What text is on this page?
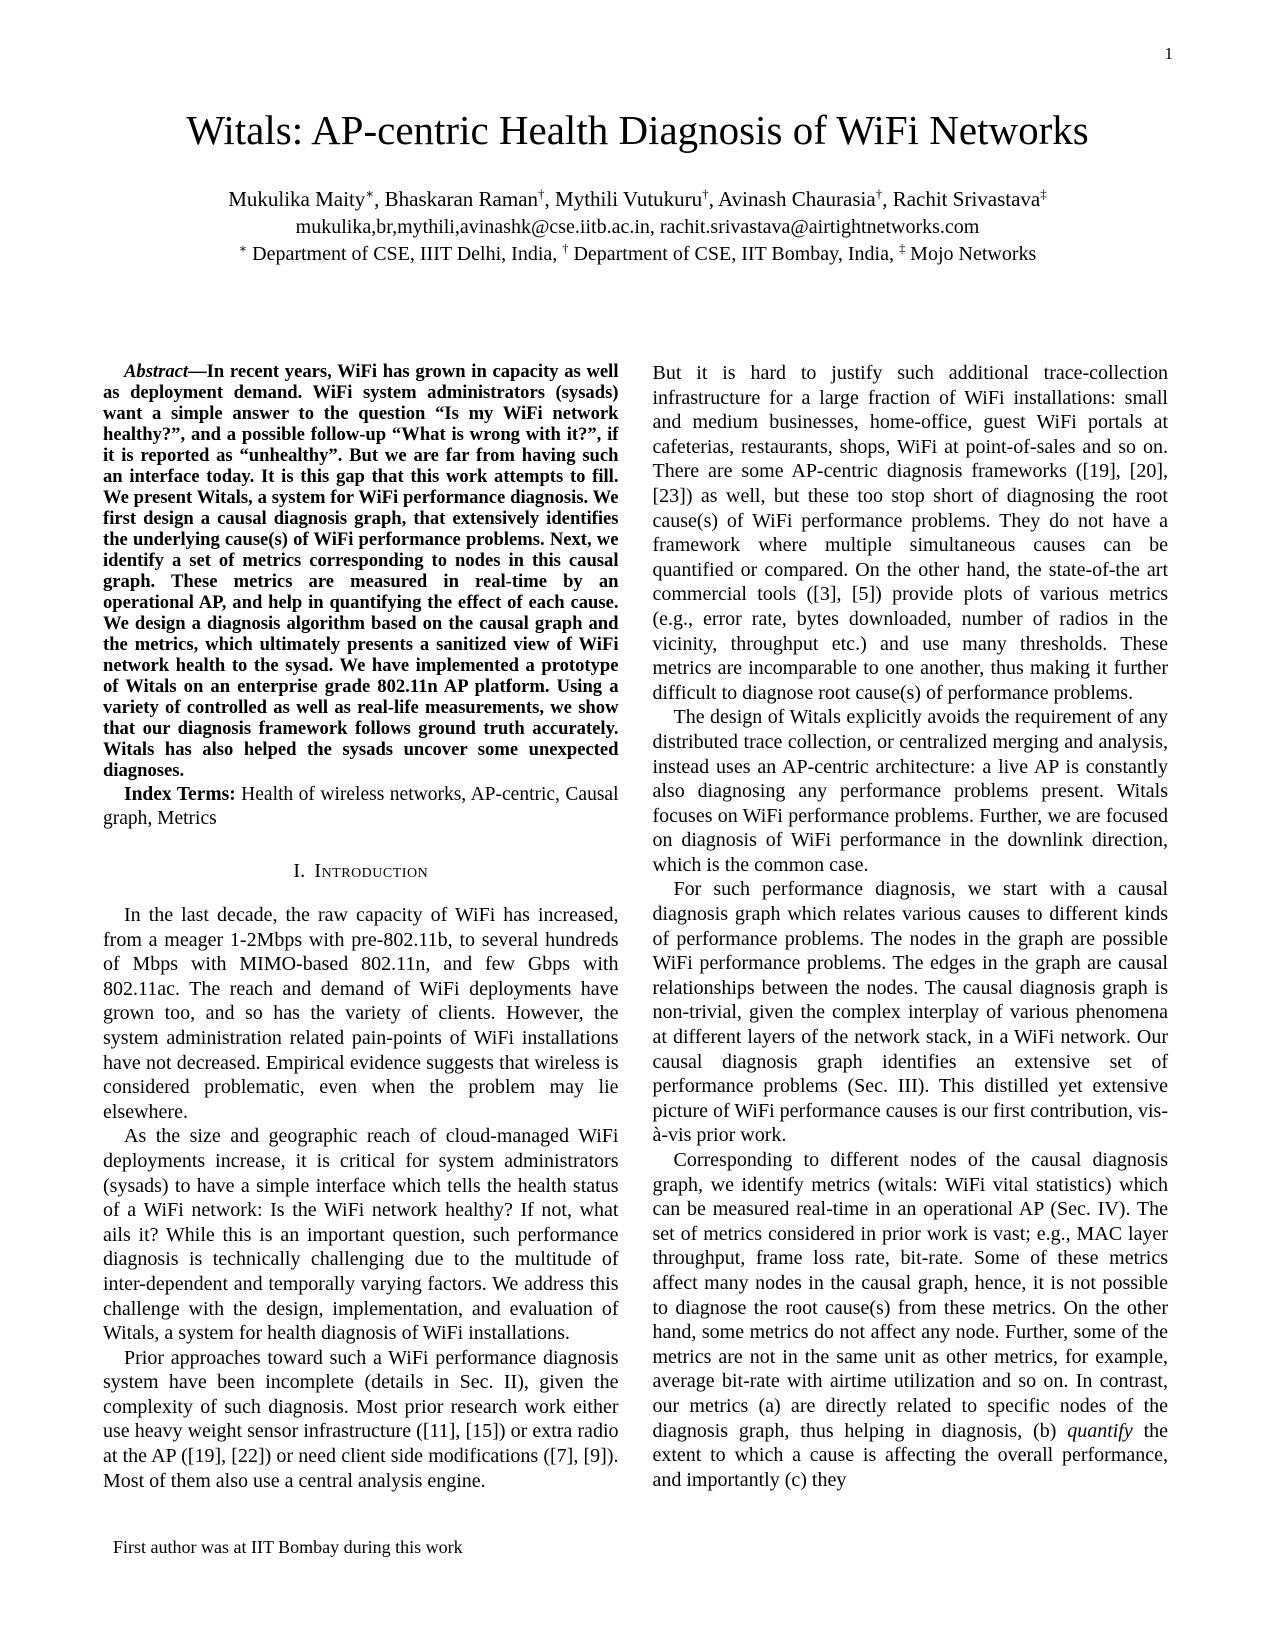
1
Witals: AP-centric Health Diagnosis of WiFi Networks
Mukulika Maity∗, Bhaskaran Raman†, Mythili Vutukuru†, Avinash Chaurasia†, Rachit Srivastava‡
mukulika,br,mythili,avinashk@cse.iitb.ac.in, rachit.srivastava@airtightnetworks.com
∗ Department of CSE, IIIT Delhi, India, † Department of CSE, IIT Bombay, India, ‡ Mojo Networks

Abstract—In recent years, WiFi has grown in capacity as well as deployment demand. WiFi system administrators (sysads) want a simple answer to the question “Is my WiFi network healthy?”, and a possible follow-up “What is wrong with it?”, if it is reported as “unhealthy”. But we are far from having such an interface today. It is this gap that this work attempts to fill. We present Witals, a system for WiFi performance diagnosis. We first design a causal diagnosis graph, that extensively identifies the underlying cause(s) of WiFi performance problems. Next, we identify a set of metrics corresponding to nodes in this causal graph. These metrics are measured in real-time by an operational AP, and help in quantifying the effect of each cause. We design a diagnosis algorithm based on the causal graph and the metrics, which ultimately presents a sanitized view of WiFi network health to the sysad. We have implemented a prototype of Witals on an enterprise grade 802.11n AP platform. Using a variety of controlled as well as real-life measurements, we show that our diagnosis framework follows ground truth accurately. Witals has also helped the sysads uncover some unexpected diagnoses.

Index Terms: Health of wireless networks, AP-centric, Causal graph, Metrics

I. Introduction

In the last decade, the raw capacity of WiFi has increased, from a meager 1-2Mbps with pre-802.11b, to several hundreds of Mbps with MIMO-based 802.11n, and few Gbps with 802.11ac. The reach and demand of WiFi deployments have grown too, and so has the variety of clients. However, the system administration related pain-points of WiFi installations have not decreased. Empirical evidence suggests that wireless is considered problematic, even when the problem may lie elsewhere.

As the size and geographic reach of cloud-managed WiFi deployments increase, it is critical for system administrators (sysads) to have a simple interface which tells the health status of a WiFi network: Is the WiFi network healthy? If not, what ails it? While this is an important question, such performance diagnosis is technically challenging due to the multitude of inter-dependent and temporally varying factors. We address this challenge with the design, implementation, and evaluation of Witals, a system for health diagnosis of WiFi installations.

Prior approaches toward such a WiFi performance diagnosis system have been incomplete (details in Sec. II), given the complexity of such diagnosis. Most prior research work either use heavy weight sensor infrastructure ([11], [15]) or extra radio at the AP ([19], [22]) or need client side modifications ([7], [9]). Most of them also use a central analysis engine.

But it is hard to justify such additional trace-collection infrastructure for a large fraction of WiFi installations: small and medium businesses, home-office, guest WiFi portals at cafeterias, restaurants, shops, WiFi at point-of-sales and so on. There are some AP-centric diagnosis frameworks ([19], [20], [23]) as well, but these too stop short of diagnosing the root cause(s) of WiFi performance problems. They do not have a framework where multiple simultaneous causes can be quantified or compared. On the other hand, the state-of-the art commercial tools ([3], [5]) provide plots of various metrics (e.g., error rate, bytes downloaded, number of radios in the vicinity, throughput etc.) and use many thresholds. These metrics are incomparable to one another, thus making it further difficult to diagnose root cause(s) of performance problems.

The design of Witals explicitly avoids the requirement of any distributed trace collection, or centralized merging and analysis, instead uses an AP-centric architecture: a live AP is constantly also diagnosing any performance problems present. Witals focuses on WiFi performance problems. Further, we are focused on diagnosis of WiFi performance in the downlink direction, which is the common case.

For such performance diagnosis, we start with a causal diagnosis graph which relates various causes to different kinds of performance problems. The nodes in the graph are possible WiFi performance problems. The edges in the graph are causal relationships between the nodes. The causal diagnosis graph is non-trivial, given the complex interplay of various phenomena at different layers of the network stack, in a WiFi network. Our causal diagnosis graph identifies an extensive set of performance problems (Sec. III). This distilled yet extensive picture of WiFi performance causes is our first contribution, vis-à-vis prior work.

Corresponding to different nodes of the causal diagnosis graph, we identify metrics (witals: WiFi vital statistics) which can be measured real-time in an operational AP (Sec. IV). The set of metrics considered in prior work is vast; e.g., MAC layer throughput, frame loss rate, bit-rate. Some of these metrics affect many nodes in the causal graph, hence, it is not possible to diagnose the root cause(s) from these metrics. On the other hand, some metrics do not affect any node. Further, some of the metrics are not in the same unit as other metrics, for example, average bit-rate with airtime utilization and so on. In contrast, our metrics (a) are directly related to specific nodes of the diagnosis graph, thus helping in diagnosis, (b) quantify the extent to which a cause is affecting the overall performance, and importantly (c) they

First author was at IIT Bombay during this work
